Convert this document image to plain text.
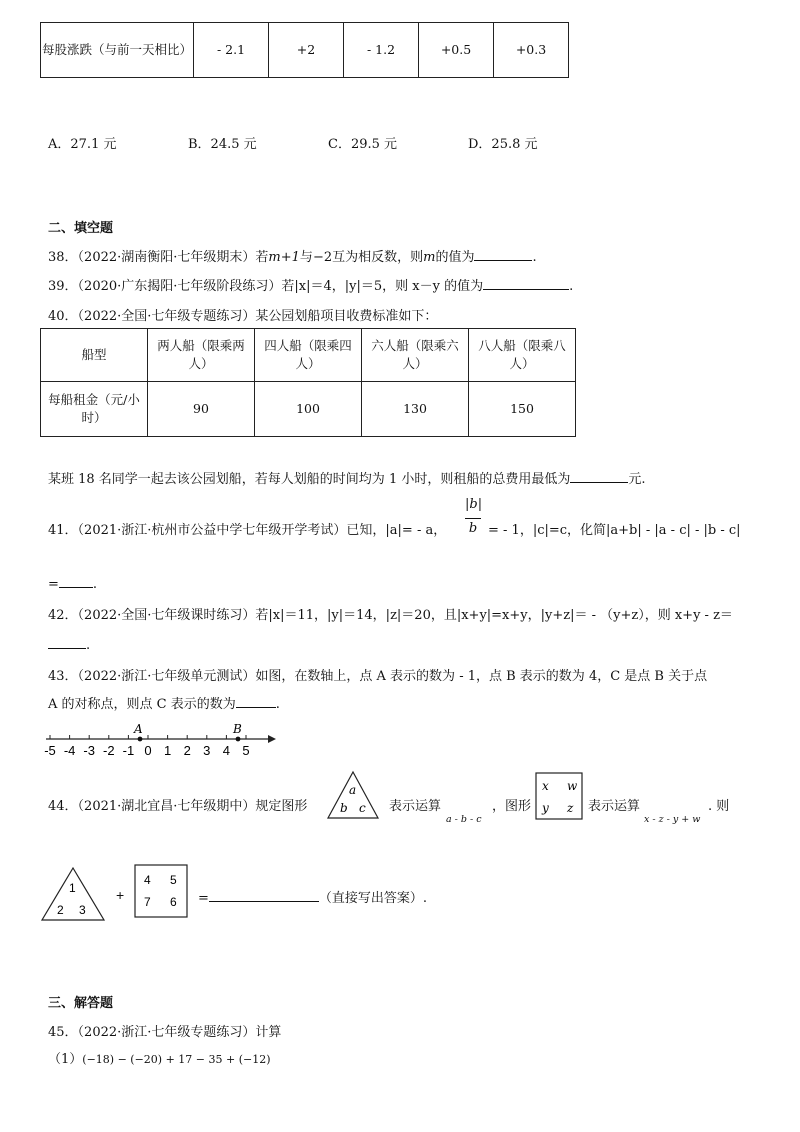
每股涨跌（与前一天相比）	- 2.1	+2	- 1.2	+0.5	+0.3
A．27.1 元	B．24.5 元	C．29.5 元	D．25.8 元
二、填空题
38．（2022·湖南衡阳·七年级期末）若m+1与−2互为相反数，则m的值为	.
39．（2020·广东揭阳·七年级阶段练习）若|x|＝4，|y|＝5，则 x－y 的值为	.
40．（2022·全国·七年级专题练习）某公园划船项目收费标准如下：
船型	两人船（限乘两人）	四人船（限乘四人）	六人船（限乘六人）	八人船（限乘八人）
每船租金（元/小时）	90	100	130	150
某班 18 名同学一起去该公园划船，若每人划船的时间均为 1 小时，则租船的总费用最低为	元.
41．（2021·浙江·杭州市公益中学七年级开学考试）已知，|a|= - a，
|b|
b = - 1，|c|=c，化简|a+b| - |a - c| - |b - c|
=	.
42．（2022·全国·七年级课时练习）若|x|＝11，|y|＝14，|z|＝20，且|x+y|=x+y，|y+z|＝ - （y+z），则 x+y - z＝
.
43．（2022·浙江·七年级单元测试）如图，在数轴上，点 A 表示的数为 - 1，点 B 表示的数为 4，C 是点 B 关于点
A 的对称点，则点 C 表示的数为	.
-5 -4 -3 -2 -1 0 1 2 3 4 5
A	B
44．（2021·湖北宜昌·七年级期中）规定图形
a
b c 表示运算
a - b - c
，图形
x w
y z 表示运算
x - z - y + w
. 则
1
2 3
+
4 5
7 6 =	（直接写出答案）.
三、解答题
45．（2022·浙江·七年级专题练习）计算
（1）(−18) − (−20) + 17 − 35 + (−12)
